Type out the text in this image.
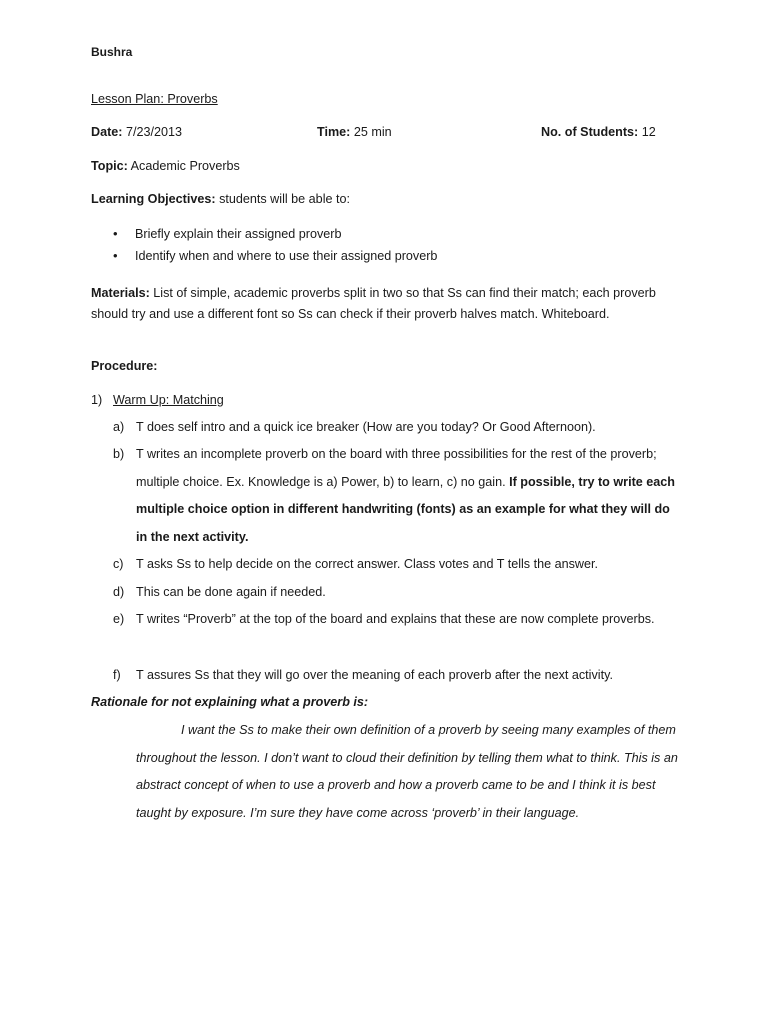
Bushra
Lesson Plan: Proverbs
Date: 7/23/2013	Time: 25 min	No. of Students: 12
Topic: Academic Proverbs
Learning Objectives: students will be able to:
• Briefly explain their assigned proverb
• Identify when and where to use their assigned proverb
Materials: List of simple, academic proverbs split in two so that Ss can find their match; each proverb should try and use a different font so Ss can check if their proverb halves match. Whiteboard.
Procedure:
1) Warm Up: Matching
a) T does self intro and a quick ice breaker (How are you today? Or Good Afternoon).
b) T writes an incomplete proverb on the board with three possibilities for the rest of the proverb; multiple choice. Ex. Knowledge is a) Power, b) to learn, c) no gain. If possible, try to write each multiple choice option in different handwriting (fonts) as an example for what they will do in the next activity.
c) T asks Ss to help decide on the correct answer. Class votes and T tells the answer.
d) This can be done again if needed.
e) T writes “Proverb” at the top of the board and explains that these are now complete proverbs.
f) T assures Ss that they will go over the meaning of each proverb after the next activity.
Rationale for not explaining what a proverb is:
I want the Ss to make their own definition of a proverb by seeing many examples of them throughout the lesson. I don’t want to cloud their definition by telling them what to think. This is an abstract concept of when to use a proverb and how a proverb came to be and I think it is best taught by exposure. I’m sure they have come across ‘proverb’ in their language.
